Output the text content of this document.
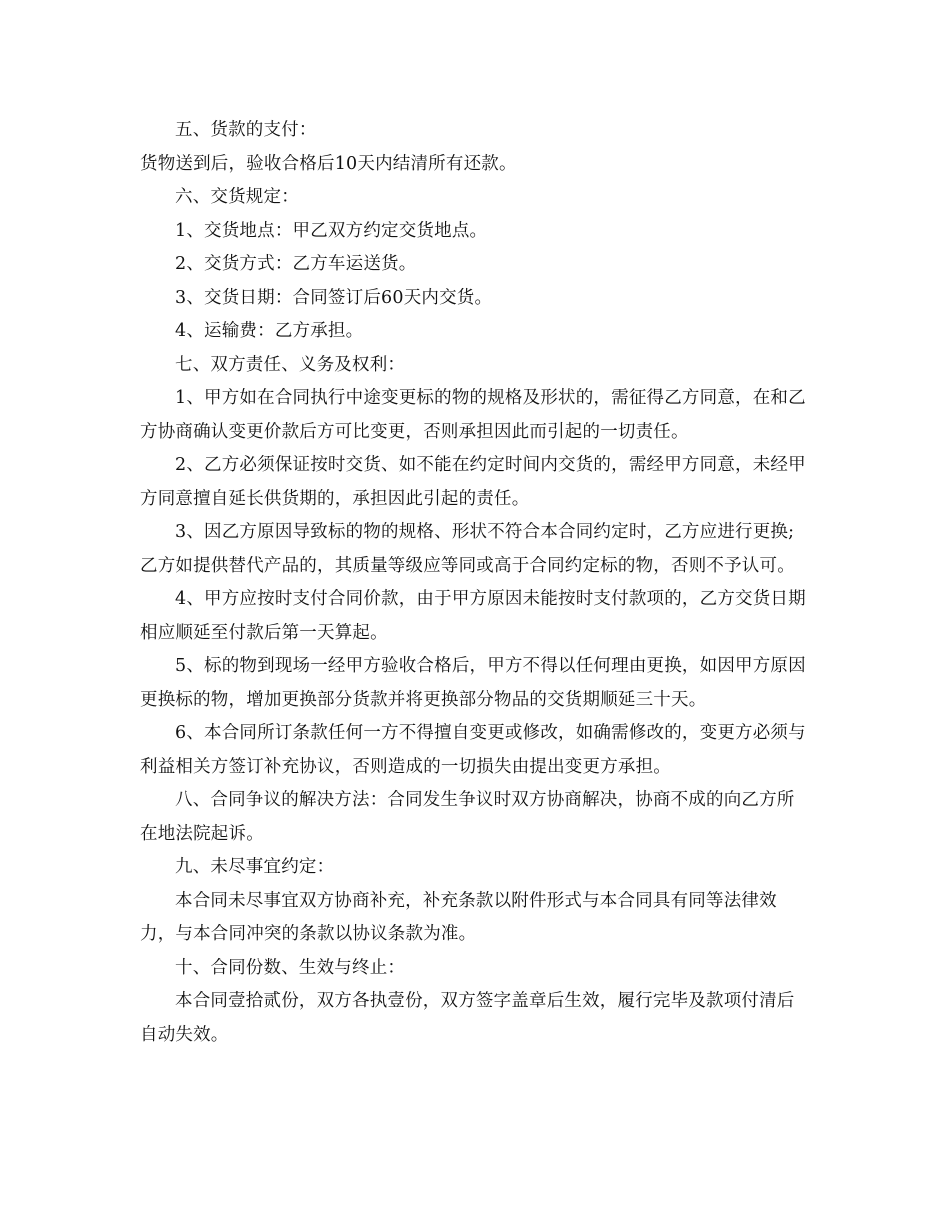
五、货款的支付：

货物送到后，验收合格后10天内结清所有还款。

六、交货规定：

1、交货地点：甲乙双方约定交货地点。

2、交货方式：乙方车运送货。

3、交货日期：合同签订后60天内交货。

4、运输费：乙方承担。

七、双方责任、义务及权利：

1、甲方如在合同执行中途变更标的物的规格及形状的，需征得乙方同意，在和乙方协商确认变更价款后方可比变更，否则承担因此而引起的一切责任。

2、乙方必须保证按时交货、如不能在约定时间内交货的，需经甲方同意，未经甲方同意擅自延长供货期的，承担因此引起的责任。

3、因乙方原因导致标的物的规格、形状不符合本合同约定时，乙方应进行更换;乙方如提供替代产品的，其质量等级应等同或高于合同约定标的物，否则不予认可。

4、甲方应按时支付合同价款，由于甲方原因未能按时支付款项的，乙方交货日期相应顺延至付款后第一天算起。

5、标的物到现场一经甲方验收合格后，甲方不得以任何理由更换，如因甲方原因更换标的物，增加更换部分货款并将更换部分物品的交货期顺延三十天。

6、本合同所订条款任何一方不得擅自变更或修改，如确需修改的，变更方必须与利益相关方签订补充协议，否则造成的一切损失由提出变更方承担。

八、合同争议的解决方法：合同发生争议时双方协商解决，协商不成的向乙方所在地法院起诉。

九、未尽事宜约定：

本合同未尽事宜双方协商补充，补充条款以附件形式与本合同具有同等法律效力，与本合同冲突的条款以协议条款为准。

十、合同份数、生效与终止：

本合同壹拾贰份，双方各执壹份，双方签字盖章后生效，履行完毕及款项付清后自动失效。
